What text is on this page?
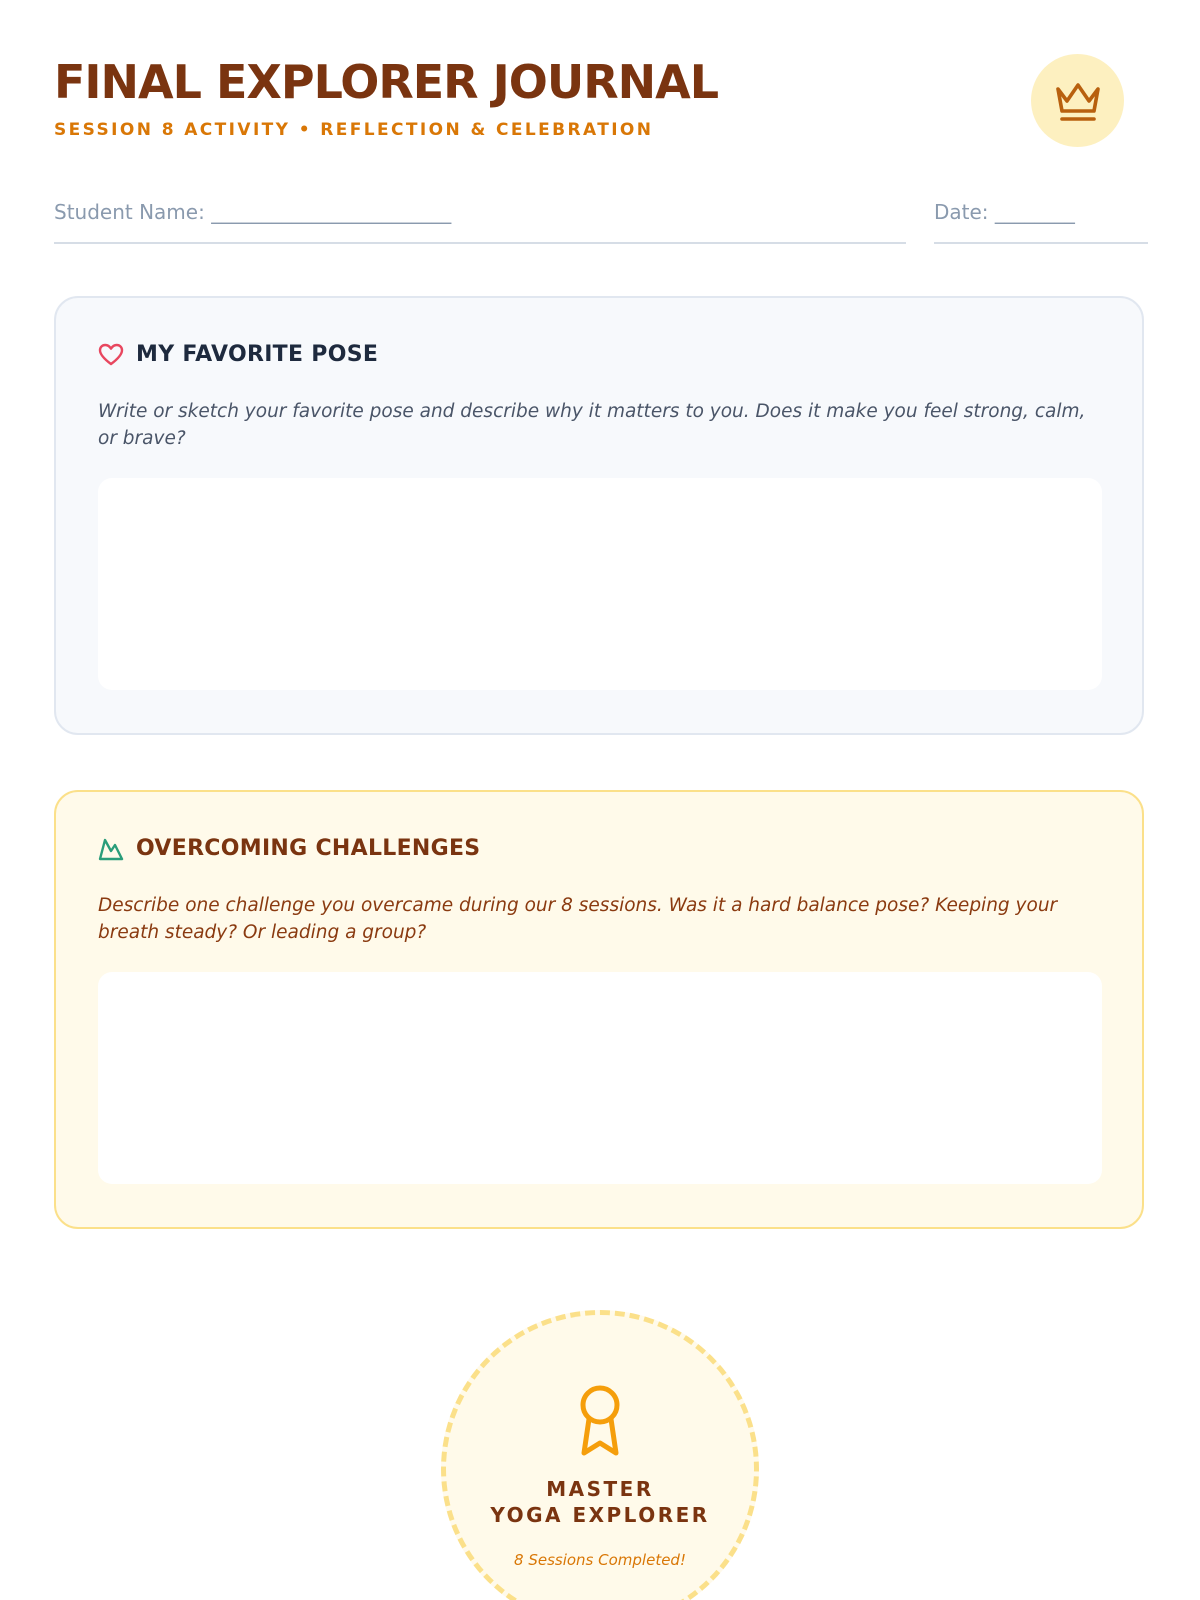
FINAL EXPLORER JOURNAL
SESSION 8 ACTIVITY • REFLECTION & CELEBRATION
Student Name: ________________________	Date: ________
MY FAVORITE POSE
Write or sketch your favorite pose and describe why it matters to you. Does it make you feel strong, calm, or brave?
OVERCOMING CHALLENGES
Describe one challenge you overcame during our 8 sessions. Was it a hard balance pose? Keeping your breath steady? Or leading a group?
MASTER
YOGA EXPLORER
8 Sessions Completed!
